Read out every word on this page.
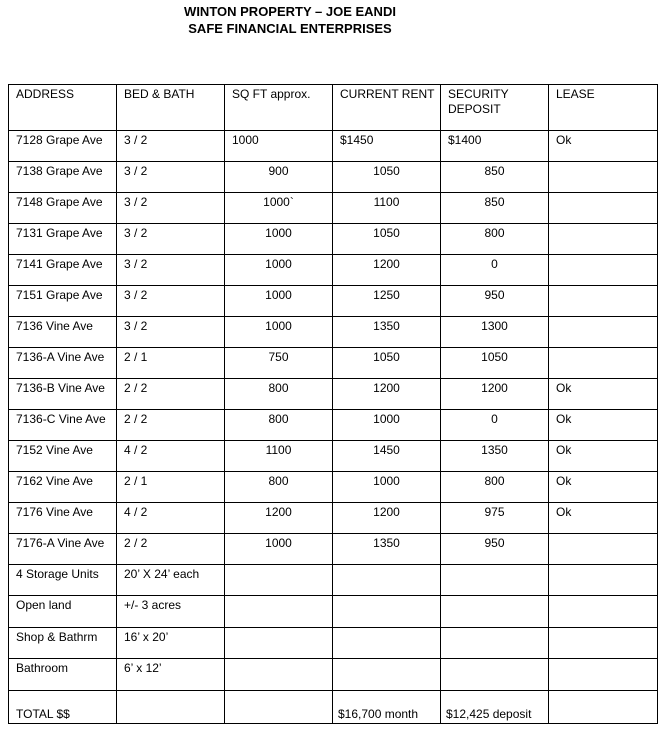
WINTON PROPERTY – JOE EANDI
SAFE FINANCIAL ENTERPRISES
ADDRESS	BED & BATH	SQ FT approx.	CURRENT RENT	SECURITY DEPOSIT	LEASE
7128 Grape Ave	3 / 2	1000	$1450	$1400	Ok
7138 Grape Ave	3 / 2	900	1050	850	
7148 Grape Ave	3 / 2	1000`	1100	850	
7131 Grape Ave	3 / 2	1000	1050	800	
7141 Grape Ave	3 / 2	1000	1200	0	
7151 Grape Ave	3 / 2	1000	1250	950	
7136 Vine Ave	3 / 2	1000	1350	1300	
7136-A Vine Ave	2 / 1	750	1050	1050	
7136-B Vine Ave	2 / 2	800	1200	1200	Ok
7136-C Vine Ave	2 / 2	800	1000	0	Ok
7152 Vine Ave	4 / 2	1100	1450	1350	Ok
7162 Vine Ave	2 / 1	800	1000	800	Ok
7176 Vine Ave	4 / 2	1200	1200	975	Ok
7176-A Vine Ave	2 / 2	1000	1350	950	
4 Storage Units	20’ X 24’ each				
Open land	+/- 3 acres				
Shop & Bathrm	16’ x 20’				
Bathroom	6’ x 12’				
TOTAL $$			$16,700 month	$12,425 deposit	
